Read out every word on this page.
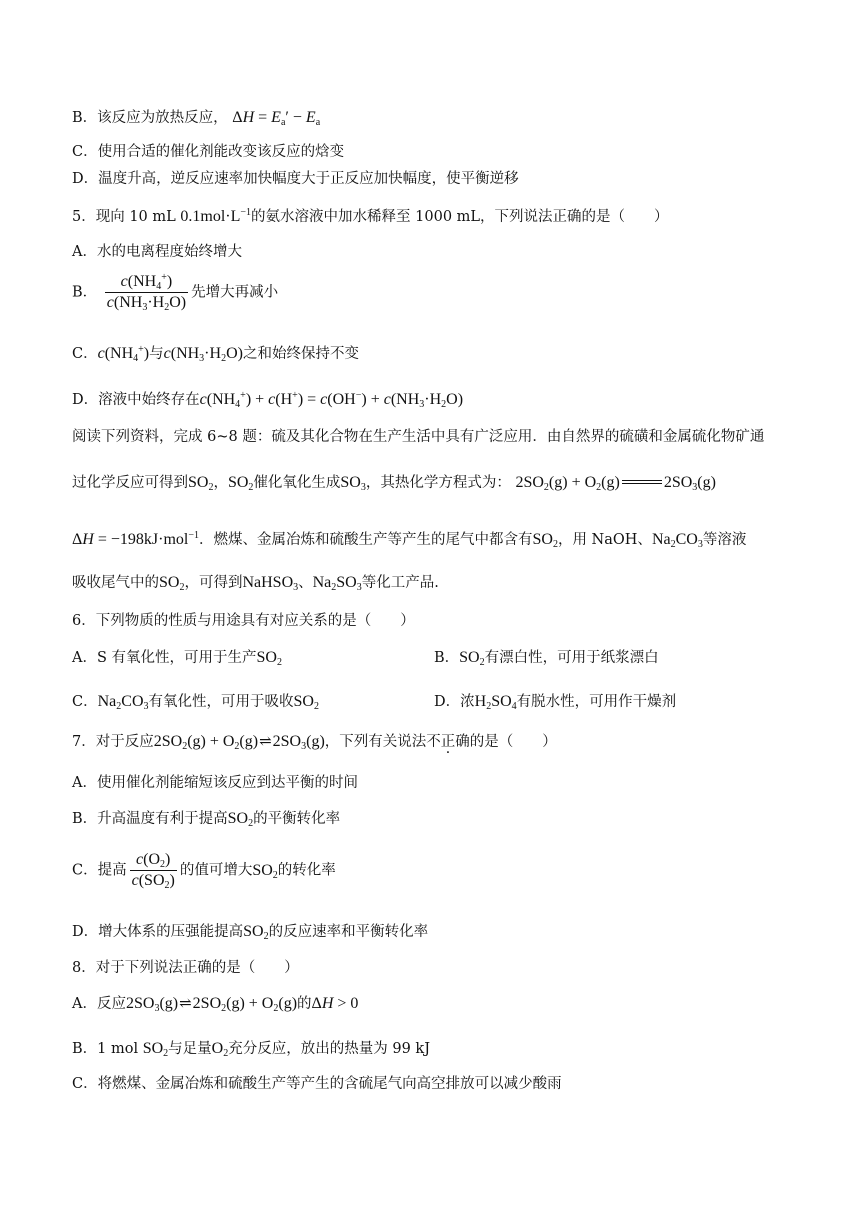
B．该反应为放热反应， $\Delta H = E_a' - E_a$
C．使用合适的催化剂能改变该反应的焓变
D．温度升高，逆反应速率加快幅度大于正反应加快幅度，使平衡逆移
5．现向 10 mL $0.1mol\cdot L^{-1}$的氨水溶液中加水稀释至 1000 mL，下列说法正确的是（　　）
A．水的电离程度始终增大
B． $\frac{c(NH_4^+)}{c(NH_3\cdot H_2O)}$ 先增大再减小
C．$c(NH_4^+)$与$c(NH_3\cdot H_2O)$之和始终保持不变
D．溶液中始终存在$c(NH_4^+) + c(H^+) = c(OH^-) + c(NH_3\cdot H_2O)$
阅读下列资料，完成 6~8 题：硫及其化合物在生产生活中具有广泛应用．由自然界的硫磺和金属硫化物矿通
过化学反应可得到$SO_2$，$SO_2$催化氧化生成$SO_3$，其热化学方程式为： $2SO_2(g) + O_2(g)$	$2SO_3(g)$
ΔH = −198kJ·mol$^{-1}$．燃煤、金属冶炼和硫酸生产等产生的尾气中都含有$SO_2$，用 NaOH、$Na_2CO_3$等溶液
吸收尾气中的$SO_2$，可得到NaHSO$_3$、$Na_2SO_3$等化工产品.
6．下列物质的性质与用途具有对应关系的是（　　）
A．S 有氧化性，可用于生产$SO_2$	B．$SO_2$有漂白性，可用于纸浆漂白
C．$Na_2CO_3$有氧化性，可用于吸收$SO_2$	D．浓$H_2SO_4$有脱水性，可用作干燥剂
7．对于反应$2SO_2(g)$ + $O_2(g)\rightleftharpoons 2SO_3(g)$，下列有关说法不正确的是（　　）
A．使用催化剂能缩短该反应到达平衡的时间
B．升高温度有利于提高$SO_2$的平衡转化率
C．提高 $\frac{c(O_2)}{c(SO_2)}$ 的值可增大$SO_2$的转化率
D．增大体系的压强能提高$SO_2$的反应速率和平衡转化率
8．对于下列说法正确的是（　　）
A．反应$2SO_3(g)\rightleftharpoons 2SO_2(g) + O_2(g)$的ΔH > 0
B．1 mol $SO_2$与足量$O_2$充分反应，放出的热量为 99 kJ
C．将燃煤、金属冶炼和硫酸生产等产生的含硫尾气向高空排放可以减少酸雨
